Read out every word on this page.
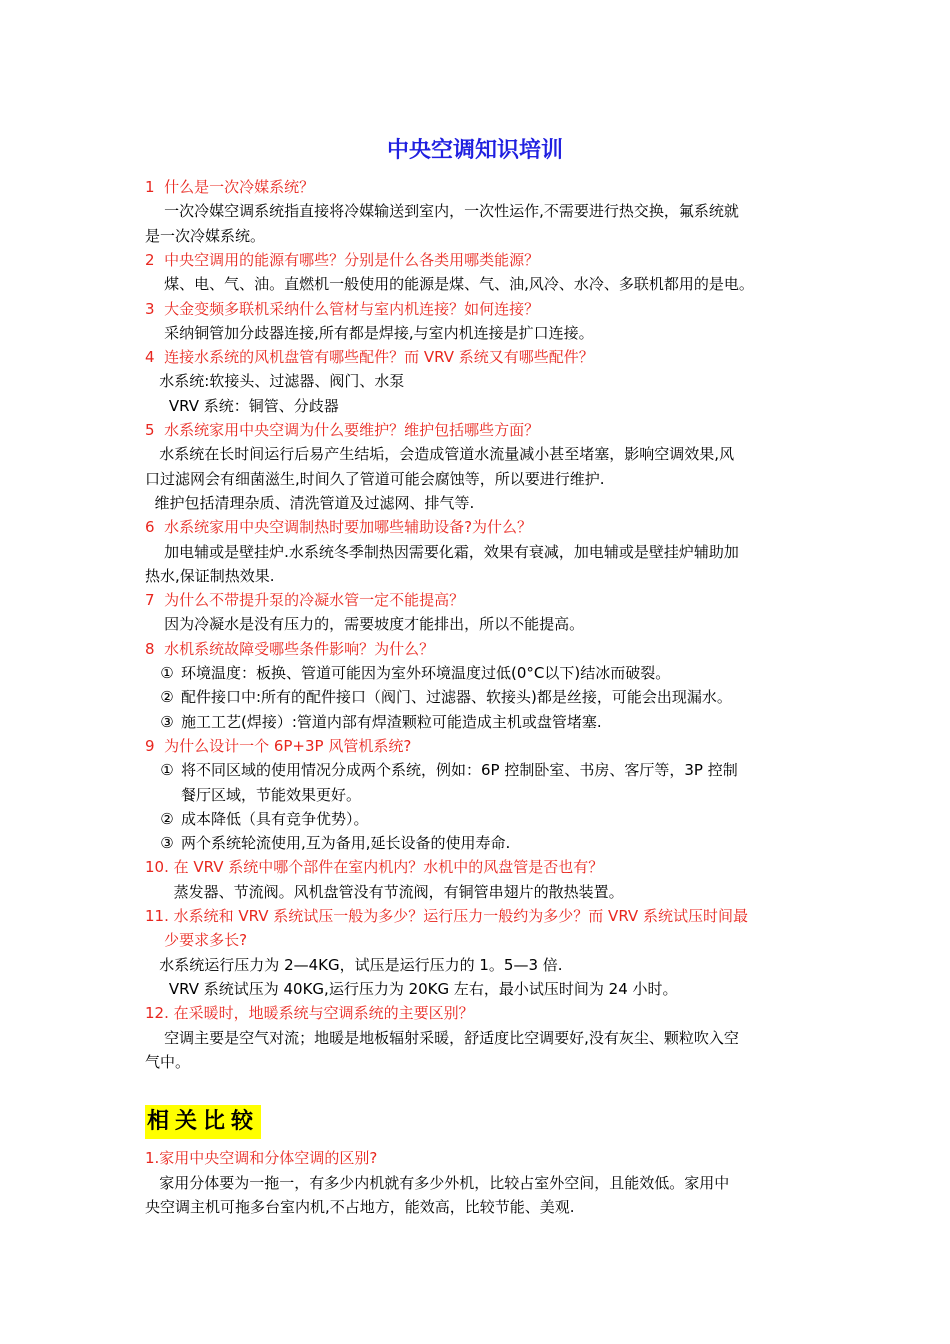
中央空调知识培训
1  什么是一次冷媒系统？
一次冷媒空调系统指直接将冷媒输送到室内，一次性运作,不需要进行热交换，氟系统就
是一次冷媒系统。
2  中央空调用的能源有哪些？分别是什么各类用哪类能源？
煤、电、气、油。直燃机一般使用的能源是煤、气、油,风冷、水冷、多联机都用的是电。
3  大金变频多联机采纳什么管材与室内机连接？如何连接？
采纳铜管加分歧器连接,所有都是焊接,与室内机连接是扩口连接。
4  连接水系统的风机盘管有哪些配件？而 VRV 系统又有哪些配件？
水系统:软接头、过滤器、阀门、水泵
VRV 系统：铜管、分歧器
5  水系统家用中央空调为什么要维护？维护包括哪些方面？
水系统在长时间运行后易产生结垢，会造成管道水流量减小甚至堵塞，影响空调效果,风
口过滤网会有细菌滋生,时间久了管道可能会腐蚀等，所以要进行维护.
维护包括清理杂质、清洗管道及过滤网、排气等.
6  水系统家用中央空调制热时要加哪些辅助设备?为什么？
加电辅或是壁挂炉.水系统冬季制热因需要化霜，效果有衰减，加电辅或是壁挂炉辅助加
热水,保证制热效果.
7  为什么不带提升泵的冷凝水管一定不能提高？
因为冷凝水是没有压力的，需要坡度才能排出，所以不能提高。
8  水机系统故障受哪些条件影响？为什么？
① 环境温度：板换、管道可能因为室外环境温度过低(0°C以下)结冰而破裂。
② 配件接口中:所有的配件接口（阀门、过滤器、软接头)都是丝接，可能会出现漏水。
③ 施工工艺(焊接）:管道内部有焊渣颗粒可能造成主机或盘管堵塞.
9  为什么设计一个 6P+3P 风管机系统?
① 将不同区域的使用情况分成两个系统，例如：6P 控制卧室、书房、客厅等，3P 控制
餐厅区域，节能效果更好。
② 成本降低（具有竞争优势）。
③ 两个系统轮流使用,互为备用,延长设备的使用寿命.
10. 在 VRV 系统中哪个部件在室内机内？水机中的风盘管是否也有？
蒸发器、节流阀。风机盘管没有节流阀，有铜管串翅片的散热装置。
11. 水系统和 VRV 系统试压一般为多少？运行压力一般约为多少？而 VRV 系统试压时间最
少要求多长?
水系统运行压力为 2—4KG，试压是运行压力的 1。5—3 倍.
VRV 系统试压为 40KG,运行压力为 20KG 左右，最小试压时间为 24 小时。
12. 在采暖时，地暖系统与空调系统的主要区别？
空调主要是空气对流；地暖是地板辐射采暖，舒适度比空调要好,没有灰尘、颗粒吹入空
气中。
相关比较
1.家用中央空调和分体空调的区别?
家用分体要为一拖一，有多少内机就有多少外机，比较占室外空间，且能效低。家用中
央空调主机可拖多台室内机,不占地方，能效高，比较节能、美观.
